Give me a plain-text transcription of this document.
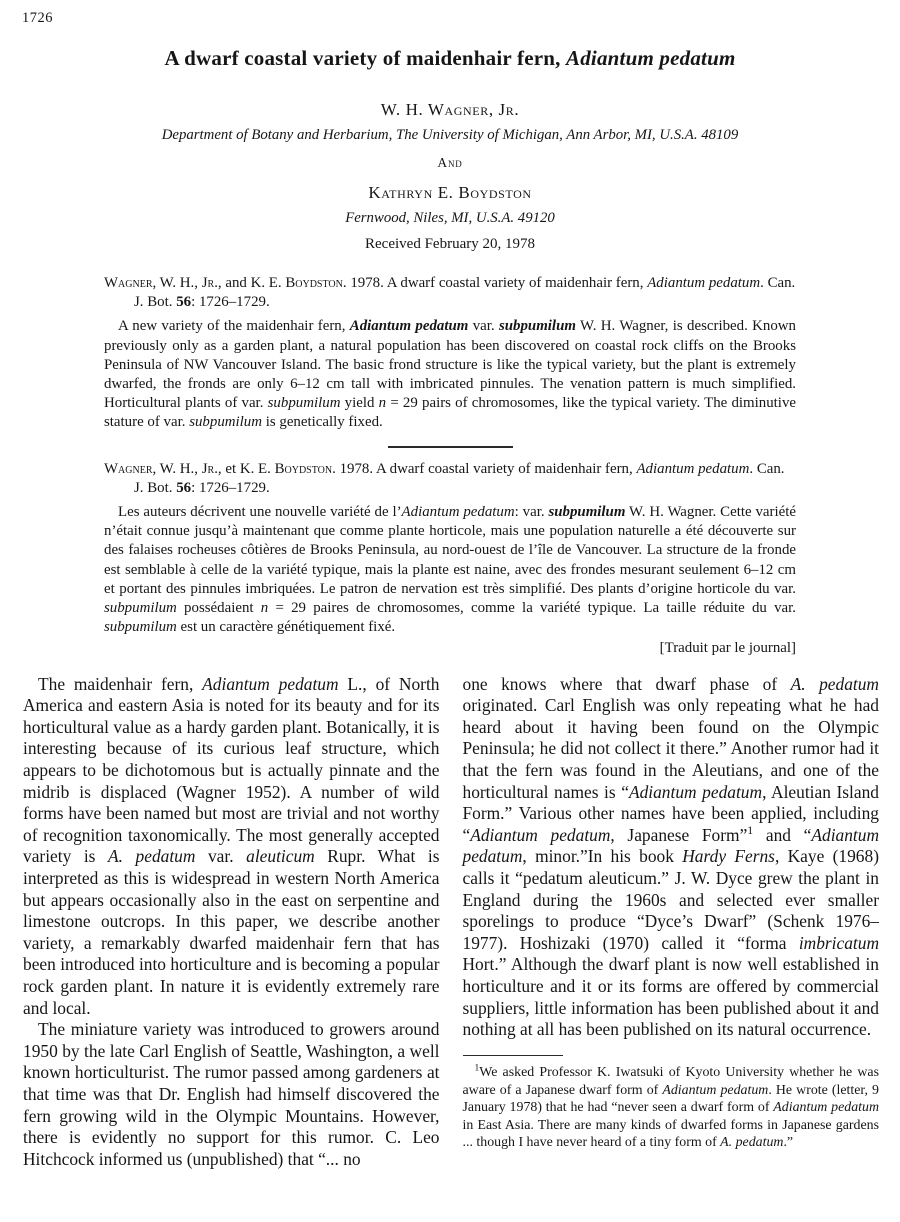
1726
A dwarf coastal variety of maidenhair fern, Adiantum pedatum
W. H. Wagner, Jr.
Department of Botany and Herbarium, The University of Michigan, Ann Arbor, MI, U.S.A. 48109
And
Kathryn E. Boydston
Fernwood, Niles, MI, U.S.A. 49120
Received February 20, 1978

Wagner, W. H., Jr., and K. E. Boydston. 1978. A dwarf coastal variety of maidenhair fern, Adiantum pedatum. Can. J. Bot. 56: 1726–1729.

A new variety of the maidenhair fern, Adiantum pedatum var. subpumilum W. H. Wagner, is described. Known previously only as a garden plant, a natural population has been discovered on coastal rock cliffs on the Brooks Peninsula of NW Vancouver Island. The basic frond structure is like the typical variety, but the plant is extremely dwarfed, the fronds are only 6–12 cm tall with imbricated pinnules. The venation pattern is much simplified. Horticultural plants of var. subpumilum yield n = 29 pairs of chromosomes, like the typical variety. The diminutive stature of var. subpumilum is genetically fixed.

Wagner, W. H., Jr., et K. E. Boydston. 1978. A dwarf coastal variety of maidenhair fern, Adiantum pedatum. Can. J. Bot. 56: 1726–1729.

Les auteurs décrivent une nouvelle variété de l’Adiantum pedatum: var. subpumilum W. H. Wagner. Cette variété n’était connue jusqu’à maintenant que comme plante horticole, mais une population naturelle a été découverte sur des falaises rocheuses côtières de Brooks Peninsula, au nord-ouest de l’île de Vancouver. La structure de la fronde est semblable à celle de la variété typique, mais la plante est naine, avec des frondes mesurant seulement 6–12 cm et portant des pinnules imbriquées. Le patron de nervation est très simplifié. Des plants d’origine horticole du var. subpumilum possédaient n = 29 paires de chromosomes, comme la variété typique. La taille réduite du var. subpumilum est un caractère génétiquement fixé.

[Traduit par le journal]

The maidenhair fern, Adiantum pedatum L., of North America and eastern Asia is noted for its beauty and for its horticultural value as a hardy garden plant. Botanically, it is interesting because of its curious leaf structure, which appears to be dichotomous but is actually pinnate and the midrib is displaced (Wagner 1952). A number of wild forms have been named but most are trivial and not worthy of recognition taxonomically. The most generally accepted variety is A. pedatum var. aleuticum Rupr. What is interpreted as this is widespread in western North America but appears occasionally also in the east on serpentine and limestone outcrops. In this paper, we describe another variety, a remarkably dwarfed maidenhair fern that has been introduced into horticulture and is becoming a popular rock garden plant. In nature it is evidently extremely rare and local.

The miniature variety was introduced to growers around 1950 by the late Carl English of Seattle, Washington, a well known horticulturist. The rumor passed among gardeners at that time was that Dr. English had himself discovered the fern growing wild in the Olympic Mountains. However, there is evidently no support for this rumor. C. Leo Hitchcock informed us (unpublished) that “... no

one knows where that dwarf phase of A. pedatum originated. Carl English was only repeating what he had heard about it having been found on the Olympic Peninsula; he did not collect it there.” Another rumor had it that the fern was found in the Aleutians, and one of the horticultural names is “Adiantum pedatum, Aleutian Island Form.” Various other names have been applied, including “Adiantum pedatum, Japanese Form”$^1$ and “Adiantum pedatum, minor.”In his book Hardy Ferns, Kaye (1968) calls it “pedatum aleuticum.” J. W. Dyce grew the plant in England during the 1960s and selected ever smaller sporelings to produce “Dyce’s Dwarf” (Schenk 1976–1977). Hoshizaki (1970) called it “forma imbricatum Hort.” Although the dwarf plant is now well established in horticulture and it or its forms are offered by commercial suppliers, little information has been published about it and nothing at all has been published on its natural occurrence.

$^1$We asked Professor K. Iwatsuki of Kyoto University whether he was aware of a Japanese dwarf form of Adiantum pedatum. He wrote (letter, 9 January 1978) that he had “never seen a dwarf form of Adiantum pedatum in East Asia. There are many kinds of dwarfed forms in Japanese gardens ... though I have never heard of a tiny form of A. pedatum.”
